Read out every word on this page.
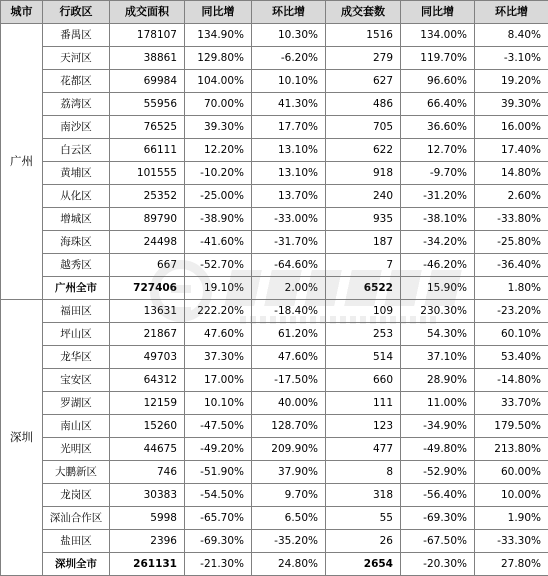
城市	行政区	成交面积	同比增	环比增	成交套数	同比增	环比增
广州	番禺区	178107	134.90%	10.30%	1516	134.00%	8.40%
	天河区	38861	129.80%	-6.20%	279	119.70%	-3.10%
	花都区	69984	104.00%	10.10%	627	96.60%	19.20%
	荔湾区	55956	70.00%	41.30%	486	66.40%	39.30%
	南沙区	76525	39.30%	17.70%	705	36.60%	16.00%
	白云区	66111	12.20%	13.10%	622	12.70%	17.40%
	黄埔区	101555	-10.20%	13.10%	918	-9.70%	14.80%
	从化区	25352	-25.00%	13.70%	240	-31.20%	2.60%
	增城区	89790	-38.90%	-33.00%	935	-38.10%	-33.80%
	海珠区	24498	-41.60%	-31.70%	187	-34.20%	-25.80%
	越秀区	667	-52.70%	-64.60%	7	-46.20%	-36.40%
	广州全市	727406	19.10%	2.00%	6522	15.90%	1.80%
深圳	福田区	13631	222.20%	-18.40%	109	230.30%	-23.20%
	坪山区	21867	47.60%	61.20%	253	54.30%	60.10%
	龙华区	49703	37.30%	47.60%	514	37.10%	53.40%
	宝安区	64312	17.00%	-17.50%	660	28.90%	-14.80%
	罗湖区	12159	10.10%	40.00%	111	11.00%	33.70%
	南山区	15260	-47.50%	128.70%	123	-34.90%	179.50%
	光明区	44675	-49.20%	209.90%	477	-49.80%	213.80%
	大鹏新区	746	-51.90%	37.90%	8	-52.90%	60.00%
	龙岗区	30383	-54.50%	9.70%	318	-56.40%	10.00%
	深汕合作区	5998	-65.70%	6.50%	55	-69.30%	1.90%
	盐田区	2396	-69.30%	-35.20%	26	-67.50%	-33.30%
	深圳全市	261131	-21.30%	24.80%	2654	-20.30%	27.80%
